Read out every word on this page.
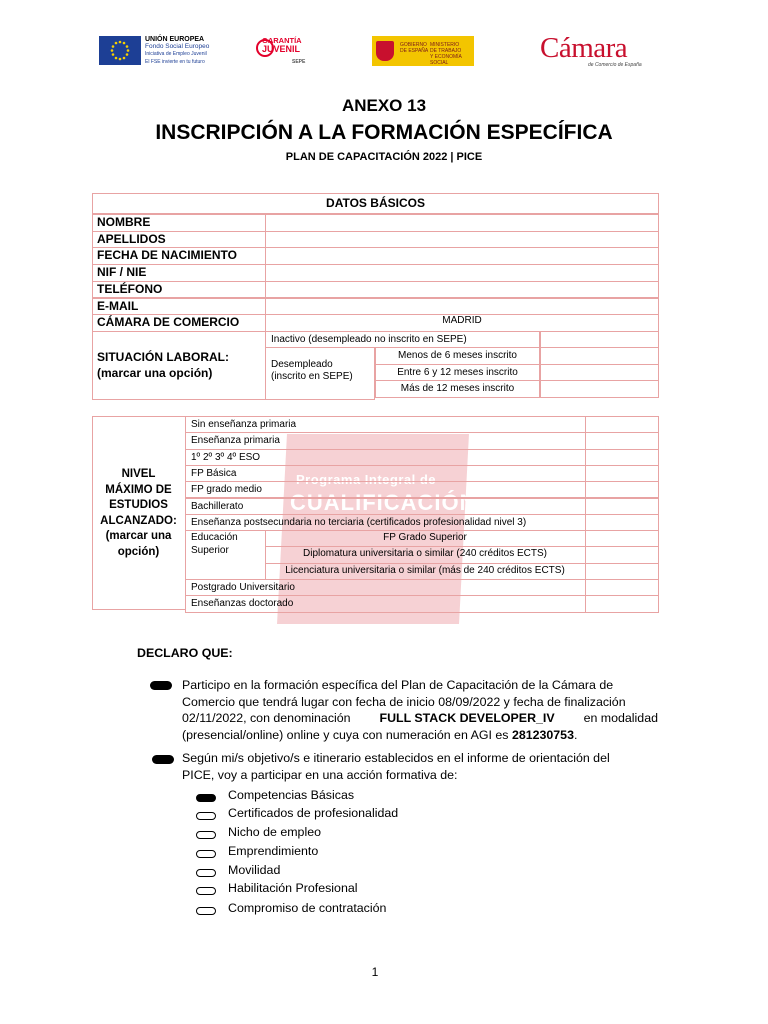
UNIÓN EUROPEA
Fondo Social Europeo
Iniciativa de Empleo Juvenil
El FSE invierte en tu futuro
GARANTÍA
JUVENIL
SEPE
GOBIERNO
DE ESPAÑA
MINISTERIO
DE TRABAJO
Y ECONOMÍA SOCIAL	Cámara
de Comercio de España
ANEXO 13
INSCRIPCIÓN A LA FORMACIÓN ESPECÍFICA
PLAN DE CAPACITACIÓN 2022 | PICE
DATOS BÁSICOS
NOMBRE
APELLIDOS
FECHA DE NACIMIENTO
NIF / NIE
TELÉFONO
E-MAIL
CÁMARA DE COMERCIO	MADRID
SITUACIÓN LABORAL:
(marcar una opción)
Inactivo (desempleado no inscrito en SEPE)
Desempleado
(inscrito en SEPE)
Menos de 6 meses inscrito
Entre 6 y 12 meses inscrito
Más de 12 meses inscrito
Programa Integral de
CUALIFICACIÓN
NIVEL
MÁXIMO DE
ESTUDIOS
ALCANZADO:
(marcar una
opción)
Sin enseñanza primaria
Enseñanza primaria
1º 2º 3º 4º ESO
FP Básica
FP grado medio
Bachillerato
Enseñanza postsecundaria no terciaria (certificados profesionalidad nivel 3)
Educación
Superior
FP Grado Superior
Diplomatura universitaria o similar (240 créditos ECTS)
Licenciatura universitaria o similar (más de 240 créditos ECTS)
Postgrado Universitario
Enseñanzas doctorado
DECLARO QUE:
Participo en la formación específica del Plan de Capacitación de la Cámara de
Comercio que tendrá lugar con fecha de inicio 08/09/2022 y fecha de finalización
02/11/2022, con denominación FULL STACK DEVELOPER_IV en modalidad
(presencial/online) online y cuya con numeración en AGI es 281230753.
Según mi/s objetivo/s e itinerario establecidos en el informe de orientación del
PICE, voy a participar en una acción formativa de:
Competencias Básicas
Certificados de profesionalidad
Nicho de empleo
Emprendimiento
Movilidad
Habilitación Profesional
Compromiso de contratación
1
